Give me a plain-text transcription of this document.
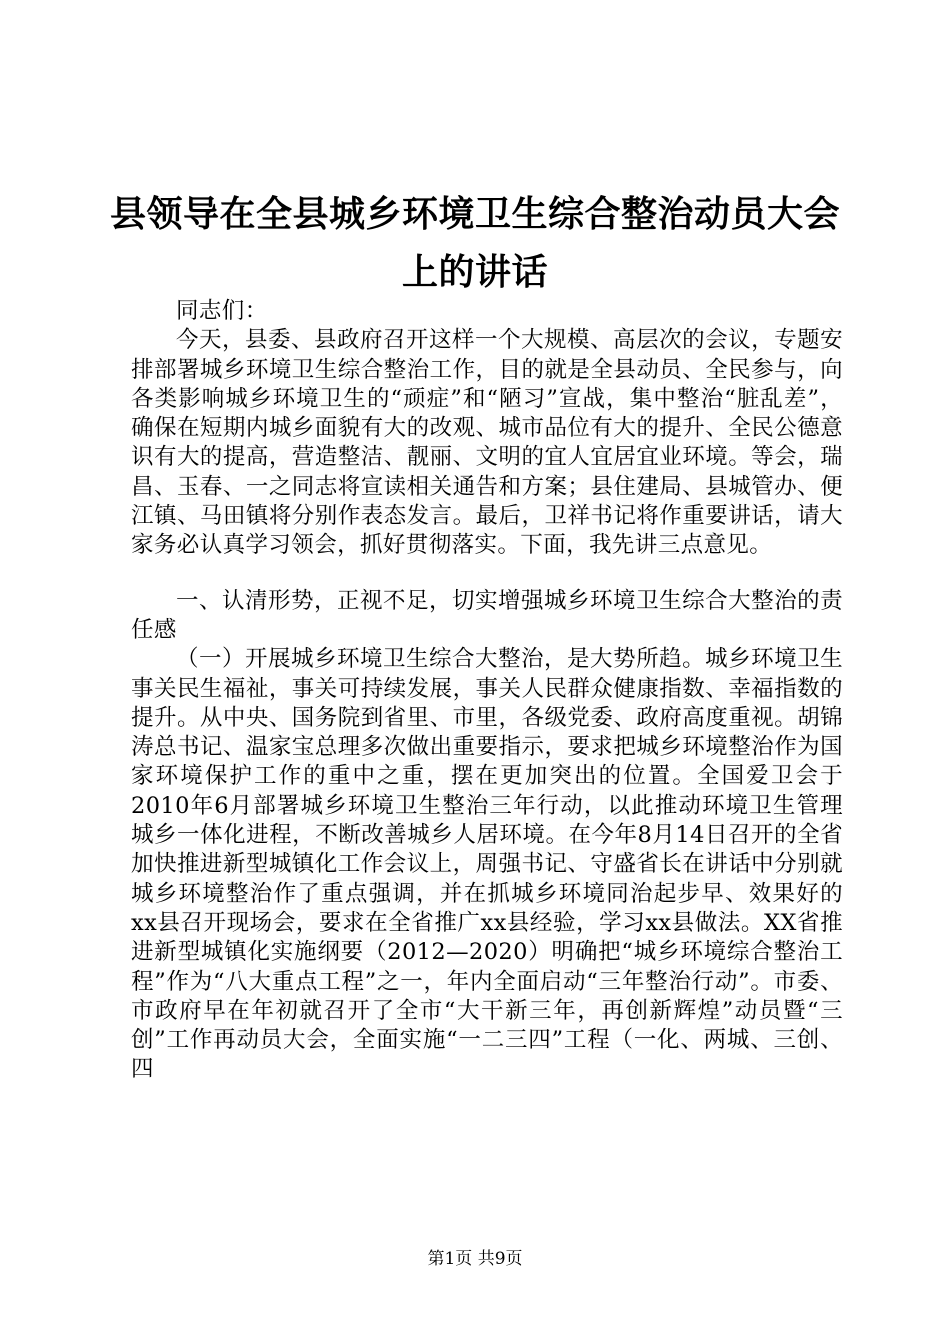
县领导在全县城乡环境卫生综合整治动员大会
上的讲话

同志们：

今天，县委、县政府召开这样一个大规模、高层次的会议，专题安排部署城乡环境卫生综合整治工作，目的就是全县动员、全民参与，向各类影响城乡环境卫生的“顽症”和“陋习”宣战，集中整治“脏乱差”，确保在短期内城乡面貌有大的改观、城市品位有大的提升、全民公德意识有大的提高，营造整洁、靓丽、文明的宜人宜居宜业环境。等会，瑞昌、玉春、一之同志将宣读相关通告和方案；县住建局、县城管办、便江镇、马田镇将分别作表态发言。最后，卫祥书记将作重要讲话，请大家务必认真学习领会，抓好贯彻落实。下面，我先讲三点意见。

一、认清形势，正视不足，切实增强城乡环境卫生综合大整治的责任感

（一）开展城乡环境卫生综合大整治，是大势所趋。城乡环境卫生事关民生福祉，事关可持续发展，事关人民群众健康指数、幸福指数的提升。从中央、国务院到省里、市里，各级党委、政府高度重视。胡锦涛总书记、温家宝总理多次做出重要指示，要求把城乡环境整治作为国家环境保护工作的重中之重，摆在更加突出的位置。全国爱卫会于2010年6月部署城乡环境卫生整治三年行动，以此推动环境卫生管理城乡一体化进程，不断改善城乡人居环境。在今年8月14日召开的全省加快推进新型城镇化工作会议上，周强书记、守盛省长在讲话中分别就城乡环境整治作了重点强调，并在抓城乡环境同治起步早、效果好的xx县召开现场会，要求在全省推广xx县经验，学习xx县做法。XX省推进新型城镇化实施纲要（2012—2020）明确把“城乡环境综合整治工程”作为“八大重点工程”之一，年内全面启动“三年整治行动”。市委、市政府早在年初就召开了全市“大干新三年，再创新辉煌”动员暨“三创”工作再动员大会，全面实施“一二三四”工程（一化、两城、三创、四

第1页 共9页
